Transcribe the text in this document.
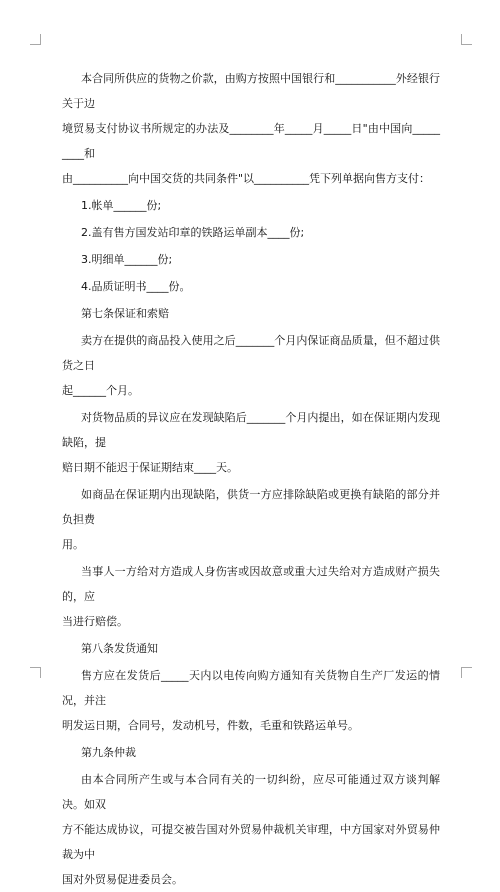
本合同所供应的货物之价款，由购方按照中国银行和___________外经银行关于边
境贸易支付协议书所规定的办法及________年_____月_____日"由中国向_________和
由__________向中国交货的共同条件"以__________凭下列单据向售方支付：

1.帐单______份;

2.盖有售方国发站印章的铁路运单副本____份;

3.明细单______份;

4.品质证明书____份。

第七条保证和索赔

卖方在提供的商品投入使用之后_______个月内保证商品质量，但不超过供货之日
起______个月。

对货物品质的异议应在发现缺陷后_______个月内提出，如在保证期内发现缺陷，提
赔日期不能迟于保证期结束____天。

如商品在保证期内出现缺陷，供货一方应排除缺陷或更换有缺陷的部分并负担费
用。

当事人一方给对方造成人身伤害或因故意或重大过失给对方造成财产损失的，应
当进行赔偿。

第八条发货通知

售方应在发货后_____天内以电传向购方通知有关货物自生产厂发运的情况，并注
明发运日期，合同号，发动机号，件数，毛重和铁路运单号。

第九条仲裁

由本合同所产生或与本合同有关的一切纠纷，应尽可能通过双方谈判解决。如双
方不能达成协议，可提交被告国对外贸易仲裁机关审理，中方国家对外贸易仲裁为中
国对外贸易促进委员会。
